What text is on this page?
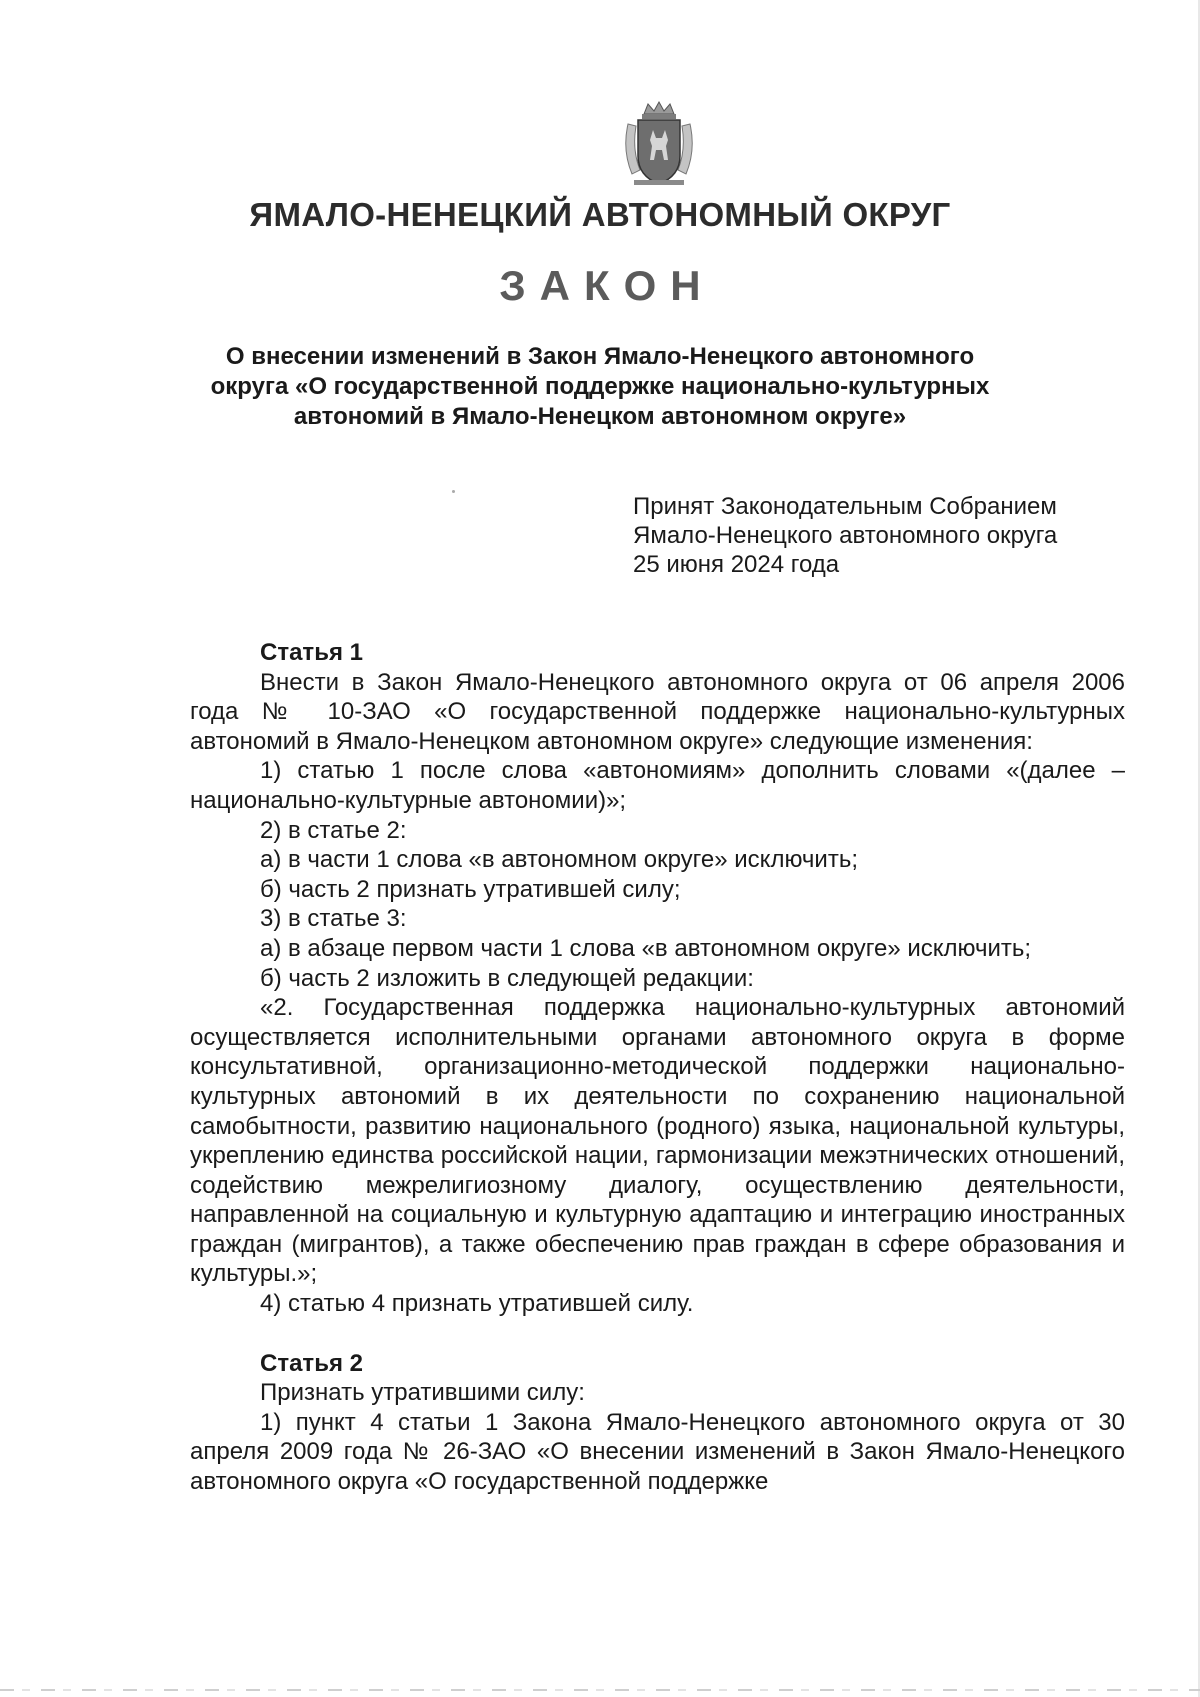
ЯМАЛО-НЕНЕЦКИЙ АВТОНОМНЫЙ ОКРУГ
ЗАКОН
О внесении изменений в Закон Ямало-Ненецкого автономного
округа «О государственной поддержке национально-культурных
автономий в Ямало-Ненецком автономном округе»
Принят Законодательным Собранием
Ямало-Ненецкого автономного округа
25 июня 2024 года
Статья 1

Внести в Закон Ямало-Ненецкого автономного округа от 06 апреля 2006 года № 10-ЗАО «О государственной поддержке национально-культурных автономий в Ямало-Ненецком автономном округе» следующие изменения:

1) статью 1 после слова «автономиям» дополнить словами «(далее – национально-культурные автономии)»;

2) в статье 2:

а) в части 1 слова «в автономном округе» исключить;

б) часть 2 признать утратившей силу;

3) в статье 3:

а) в абзаце первом части 1 слова «в автономном округе» исключить;

б) часть 2 изложить в следующей редакции:

«2. Государственная поддержка национально-культурных автономий осуществляется исполнительными органами автономного округа в форме консультативной, организационно-методической поддержки национально-культурных автономий в их деятельности по сохранению национальной самобытности, развитию национального (родного) языка, национальной культуры, укреплению единства российской нации, гармонизации межэтнических отношений, содействию межрелигиозному диалогу, осуществлению деятельности, направленной на социальную и культурную адаптацию и интеграцию иностранных граждан (мигрантов), а также обеспечению прав граждан в сфере образования и культуры.»;

4) статью 4 признать утратившей силу.

Статья 2

Признать утратившими силу:

1) пункт 4 статьи 1 Закона Ямало-Ненецкого автономного округа от 30 апреля 2009 года № 26-ЗАО «О внесении изменений в Закон Ямало-Ненецкого автономного округа «О государственной поддержке
